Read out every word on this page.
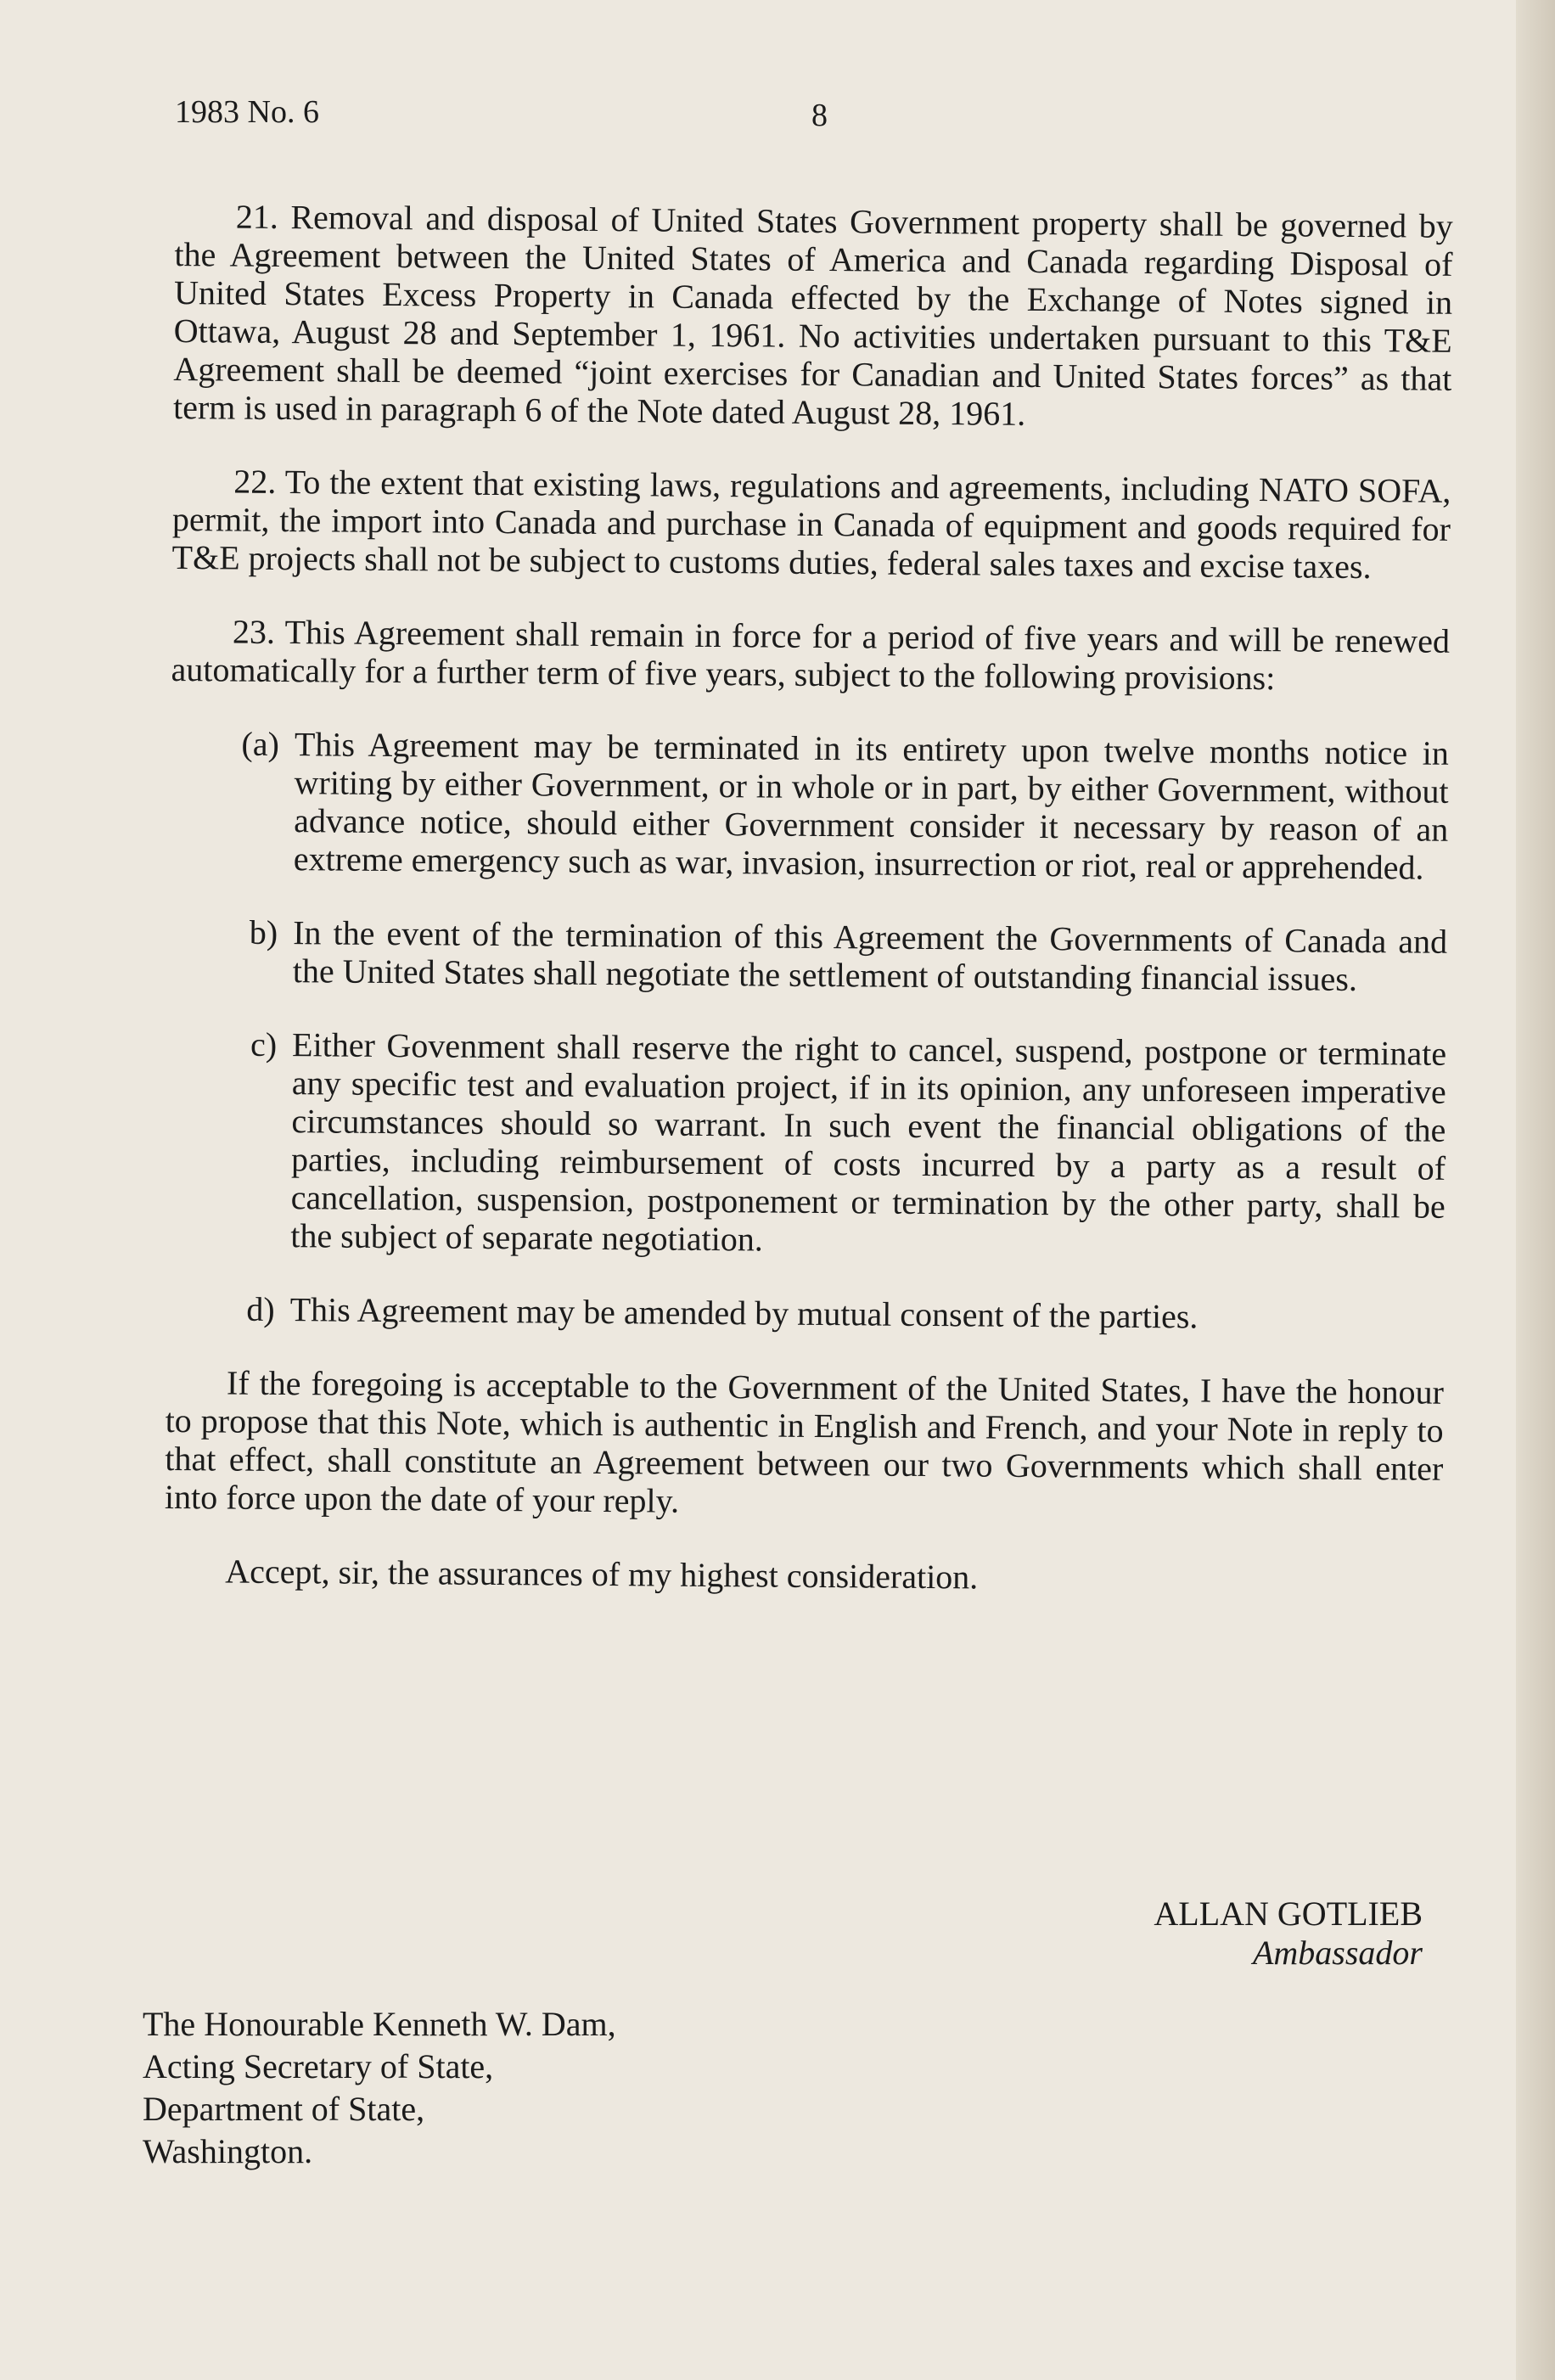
1983 No. 6	8

21. Removal and disposal of United States Government property shall be governed by the Agreement between the United States of America and Canada regarding Disposal of United States Excess Property in Canada effected by the Exchange of Notes signed in Ottawa, August 28 and September 1, 1961. No activities undertaken pursuant to this T&E Agreement shall be deemed “joint exercises for Canadian and United States forces” as that term is used in paragraph 6 of the Note dated August 28, 1961.

22. To the extent that existing laws, regulations and agreements, including NATO SOFA, permit, the import into Canada and purchase in Canada of equipment and goods required for T&E projects shall not be subject to customs duties, federal sales taxes and excise taxes.

23. This Agreement shall remain in force for a period of five years and will be renewed automatically for a further term of five years, subject to the following provisions:

(a) This Agreement may be terminated in its entirety upon twelve months notice in writing by either Government, or in whole or in part, by either Government, without advance notice, should either Government consider it necessary by reason of an extreme emergency such as war, invasion, insurrection or riot, real or apprehended.
b) In the event of the termination of this Agreement the Governments of Canada and the United States shall negotiate the settlement of outstanding financial issues.
c) Either Govenment shall reserve the right to cancel, suspend, postpone or terminate any specific test and evaluation project, if in its opinion, any unforeseen imperative circumstances should so warrant. In such event the financial obligations of the parties, including reimbursement of costs incurred by a party as a result of cancellation, suspension, postponement or termination by the other party, shall be the subject of separate negotiation.
d) This Agreement may be amended by mutual consent of the parties.

If the foregoing is acceptable to the Government of the United States, I have the honour to propose that this Note, which is authentic in English and French, and your Note in reply to that effect, shall constitute an Agreement between our two Governments which shall enter into force upon the date of your reply.

Accept, sir, the assurances of my highest consideration.

ALLAN GOTLIEB
Ambassador
The Honourable Kenneth W. Dam,
Acting Secretary of State,
Department of State,
Washington.
